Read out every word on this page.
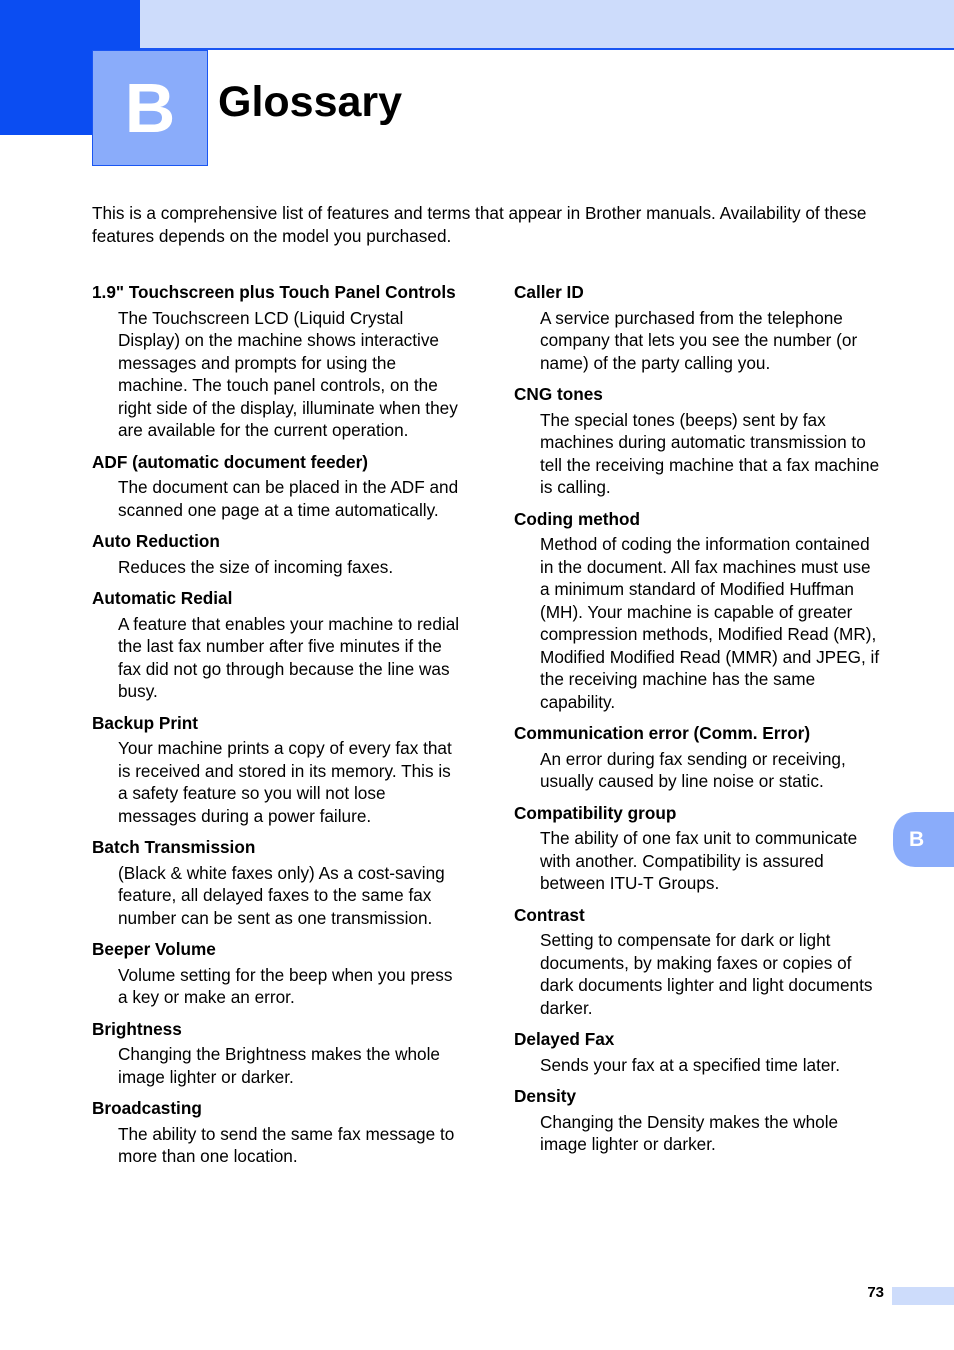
B Glossary

This is a comprehensive list of features and terms that appear in Brother manuals. Availability of these features depends on the model you purchased.

1.9" Touchscreen plus Touch Panel Controls

The Touchscreen LCD (Liquid Crystal Display) on the machine shows interactive messages and prompts for using the machine. The touch panel controls, on the right side of the display, illuminate when they are available for the current operation.

ADF (automatic document feeder)

The document can be placed in the ADF and scanned one page at a time automatically.

Auto Reduction

Reduces the size of incoming faxes.

Automatic Redial

A feature that enables your machine to redial the last fax number after five minutes if the fax did not go through because the line was busy.

Backup Print

Your machine prints a copy of every fax that is received and stored in its memory. This is a safety feature so you will not lose messages during a power failure.

Batch Transmission

(Black & white faxes only) As a cost-saving feature, all delayed faxes to the same fax number can be sent as one transmission.

Beeper Volume

Volume setting for the beep when you press a key or make an error.

Brightness

Changing the Brightness makes the whole image lighter or darker.

Broadcasting

The ability to send the same fax message to more than one location.

Caller ID

A service purchased from the telephone company that lets you see the number (or name) of the party calling you.

CNG tones

The special tones (beeps) sent by fax machines during automatic transmission to tell the receiving machine that a fax machine is calling.

Coding method

Method of coding the information contained in the document. All fax machines must use a minimum standard of Modified Huffman (MH). Your machine is capable of greater compression methods, Modified Read (MR), Modified Modified Read (MMR) and JPEG, if the receiving machine has the same capability.

Communication error (Comm. Error)

An error during fax sending or receiving, usually caused by line noise or static.

Compatibility group

The ability of one fax unit to communicate with another. Compatibility is assured between ITU-T Groups.

Contrast

Setting to compensate for dark or light documents, by making faxes or copies of dark documents lighter and light documents darker.

Delayed Fax

Sends your fax at a specified time later.

Density

Changing the Density makes the whole image lighter or darker.

B
73
